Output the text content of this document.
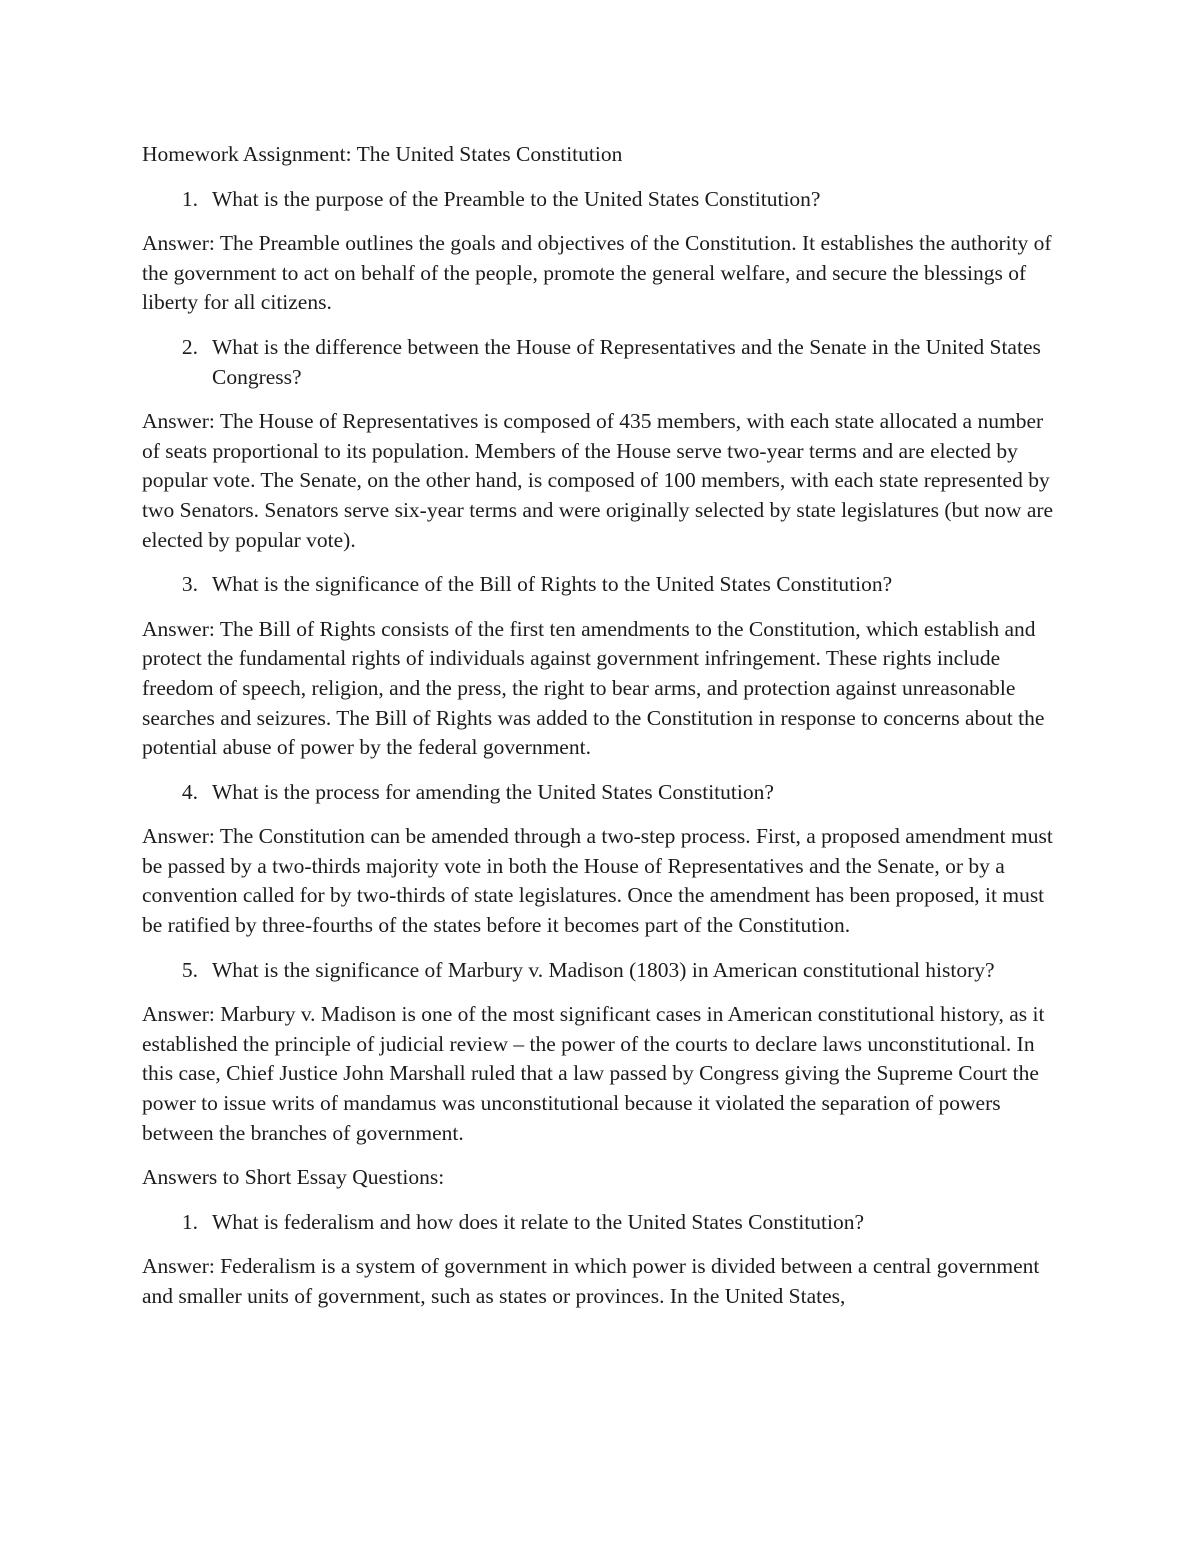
Homework Assignment: The United States Constitution

1. What is the purpose of the Preamble to the United States Constitution?

Answer: The Preamble outlines the goals and objectives of the Constitution. It establishes the authority of the government to act on behalf of the people, promote the general welfare, and secure the blessings of liberty for all citizens.

2. What is the difference between the House of Representatives and the Senate in the United States Congress?

Answer: The House of Representatives is composed of 435 members, with each state allocated a number of seats proportional to its population. Members of the House serve two-year terms and are elected by popular vote. The Senate, on the other hand, is composed of 100 members, with each state represented by two Senators. Senators serve six-year terms and were originally selected by state legislatures (but now are elected by popular vote).

3. What is the significance of the Bill of Rights to the United States Constitution?

Answer: The Bill of Rights consists of the first ten amendments to the Constitution, which establish and protect the fundamental rights of individuals against government infringement. These rights include freedom of speech, religion, and the press, the right to bear arms, and protection against unreasonable searches and seizures. The Bill of Rights was added to the Constitution in response to concerns about the potential abuse of power by the federal government.

4. What is the process for amending the United States Constitution?

Answer: The Constitution can be amended through a two-step process. First, a proposed amendment must be passed by a two-thirds majority vote in both the House of Representatives and the Senate, or by a convention called for by two-thirds of state legislatures. Once the amendment has been proposed, it must be ratified by three-fourths of the states before it becomes part of the Constitution.

5. What is the significance of Marbury v. Madison (1803) in American constitutional history?

Answer: Marbury v. Madison is one of the most significant cases in American constitutional history, as it established the principle of judicial review – the power of the courts to declare laws unconstitutional. In this case, Chief Justice John Marshall ruled that a law passed by Congress giving the Supreme Court the power to issue writs of mandamus was unconstitutional because it violated the separation of powers between the branches of government.

Answers to Short Essay Questions:

1. What is federalism and how does it relate to the United States Constitution?

Answer: Federalism is a system of government in which power is divided between a central government and smaller units of government, such as states or provinces. In the United States,
